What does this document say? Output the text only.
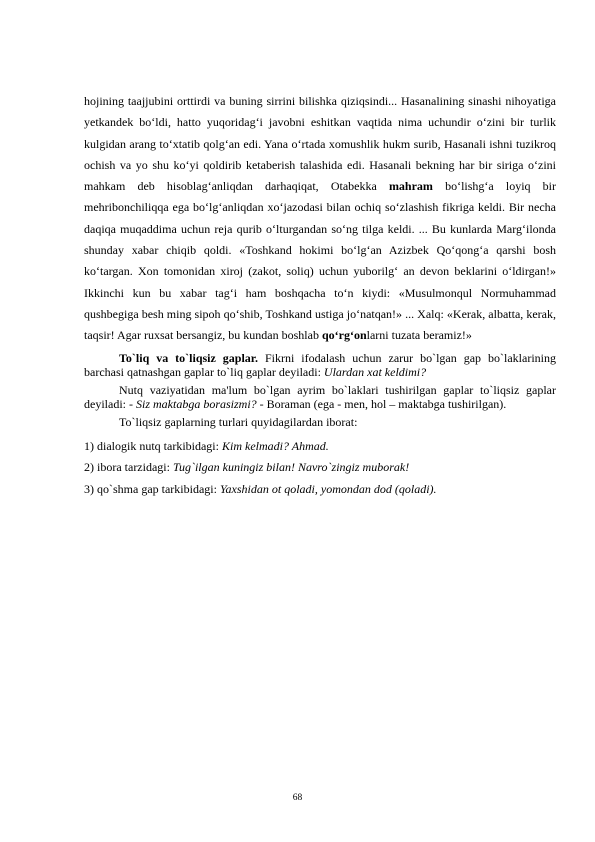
hojining taajjubini orttirdi va buning sirrini bilishka qiziqsindi... Hasanalining sinashi nihoyatiga yetkandek bo‘ldi, hatto yuqoridag‘i javobni eshitkan vaqtida nima uchundir o‘zini bir turlik kulgidan arang to‘xtatib qolg‘an edi. Yana o‘rtada xomushlik hukm surib, Hasanali ishni tuzikroq ochish va yo shu ko‘yi qoldirib ketaberish talashida edi. Hasanali bekning har bir siriga o‘zini mahkam deb hisoblag‘anliqdan darhaqiqat, Otabekka mahram bo‘lishg‘a loyiq bir mehribonchiliqqa ega bo‘lg‘anliqdan xo‘jazodasi bilan ochiq so‘zlashish fikriga keldi. Bir necha daqiqa muqaddima uchun reja qurib o‘lturgandan so‘ng tilga keldi. ... Bu kunlarda Marg‘ilonda shunday xabar chiqib qoldi. «Toshkand hokimi bo‘lg‘an Azizbek Qo‘qong‘a qarshi bosh ko‘targan. Xon tomonidan xiroj (zakot, soliq) uchun yuborilg‘ an devon beklarini o‘ldirgan!» Ikkinchi kun bu xabar tag‘i ham boshqacha to‘n kiydi: «Musulmonqul Normuhammad qushbegiga besh ming sipoh qo‘shib, Toshkand ustiga jo‘natqan!» ... Xalq: «Kerak, albatta, kerak, taqsir! Agar ruxsat bersangiz, bu kundan boshlab qo‘rg‘onlarni tuzata beramiz!»

To`liq va to`liqsiz gaplar. Fikrni ifodalash uchun zarur bo`lgan gap bo`laklarining barchasi qatnashgan gaplar to`liq gaplar deyiladi: Ulardan xat keldimi?

Nutq vaziyatidan ma'lum bo`lgan ayrim bo`laklari tushirilgan gaplar to`liqsiz gaplar deyiladi: - Siz maktabga borasizmi? - Boraman (ega - men, hol – maktabga tushirilgan).

To`liqsiz gaplarning turlari quyidagilardan iborat:

1) dialogik nutq tarkibidagi: Kim kelmadi? Ahmad.

2) ibora tarzidagi: Tug`ilgan kuningiz bilan! Navro`zingiz muborak!

3) qo`shma gap tarkibidagi: Yaxshidan ot qoladi, yomondan dod (qoladi).

68
